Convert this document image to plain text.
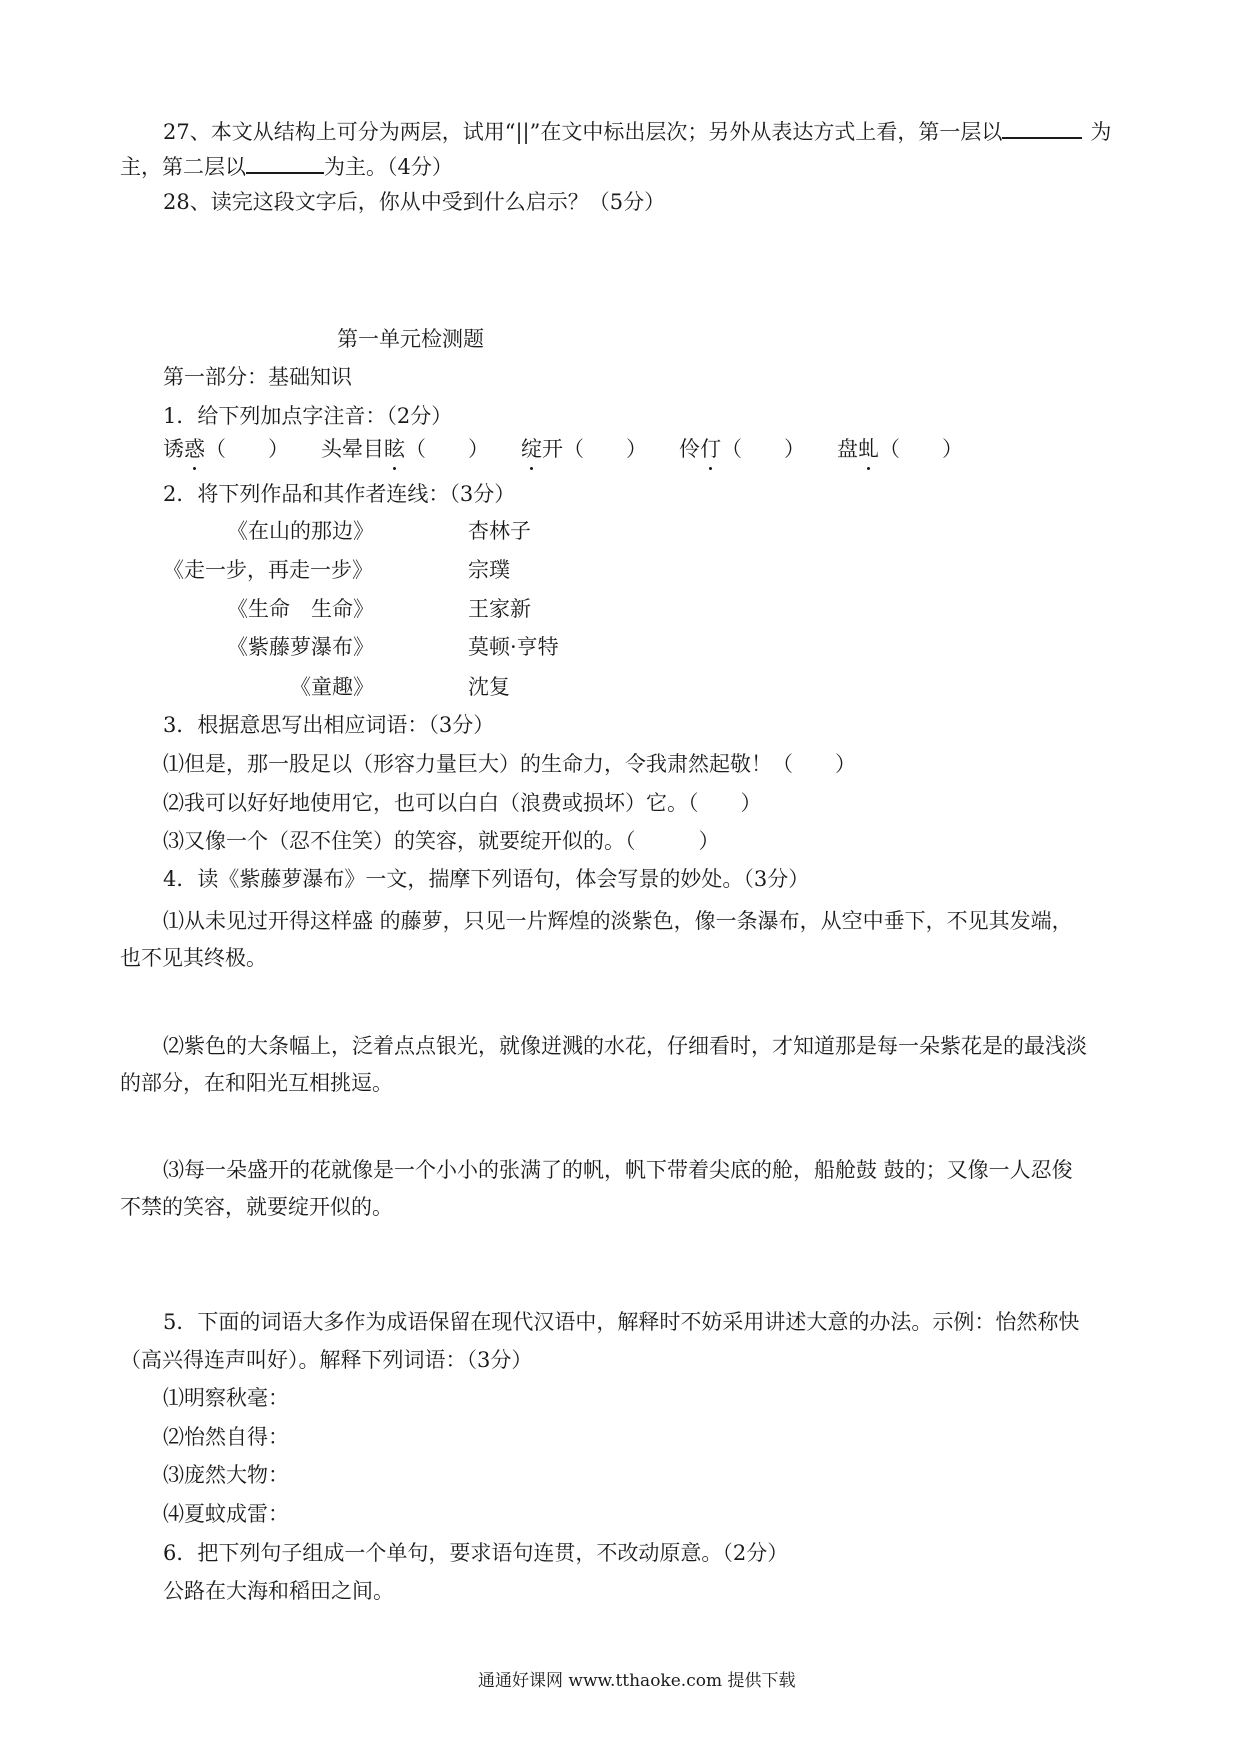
27、本文从结构上可分为两层，试用“||”在文中标出层次；另外从表达方式上看，第一层以	为
主，第二层以	为主。（4分）
28、读完这段文字后，你从中受到什么启示？（5分）
第一单元检测题
第一部分：基础知识
1．给下列加点字注音：（2分）
诱惑（　　） 头晕目眩（　　） 绽开（　　） 伶仃（　　） 盘虬（　　）
2．将下列作品和其作者连线：（3分）
《在山的那边》	杏林子
《走一步，再走一步》	宗璞
《生命　生命》	王家新
《紫藤萝瀑布》	莫顿·亨特
《童趣》	沈复
3．根据意思写出相应词语：（3分）
⑴但是，那一股足以（形容力量巨大）的生命力，令我肃然起敬！（　　）
⑵我可以好好地使用它，也可以白白（浪费或损坏）它。（　　）
⑶又像一个（忍不住笑）的笑容，就要绽开似的。（　　　）
4．读《紫藤萝瀑布》一文，揣摩下列语句，体会写景的妙处。（3分）
⑴从未见过开得这样盛 的藤萝，只见一片辉煌的淡紫色，像一条瀑布，从空中垂下，不见其发端，
也不见其终极。
⑵紫色的大条幅上，泛着点点银光，就像迸溅的水花，仔细看时，才知道那是每一朵紫花是的最浅淡
的部分，在和阳光互相挑逗。
⑶每一朵盛开的花就像是一个小小的张满了的帆，帆下带着尖底的舱，船舱鼓 鼓的；又像一人忍俊
不禁的笑容，就要绽开似的。
5．下面的词语大多作为成语保留在现代汉语中，解释时不妨采用讲述大意的办法。示例：怡然称快
（高兴得连声叫好）。解释下列词语：（3分）
⑴明察秋毫：
⑵怡然自得：
⑶庞然大物：
⑷夏蚊成雷：
6．把下列句子组成一个单句，要求语句连贯，不改动原意。（2分）
公路在大海和稻田之间。
通通好课网 www.tthaoke.com 提供下载
